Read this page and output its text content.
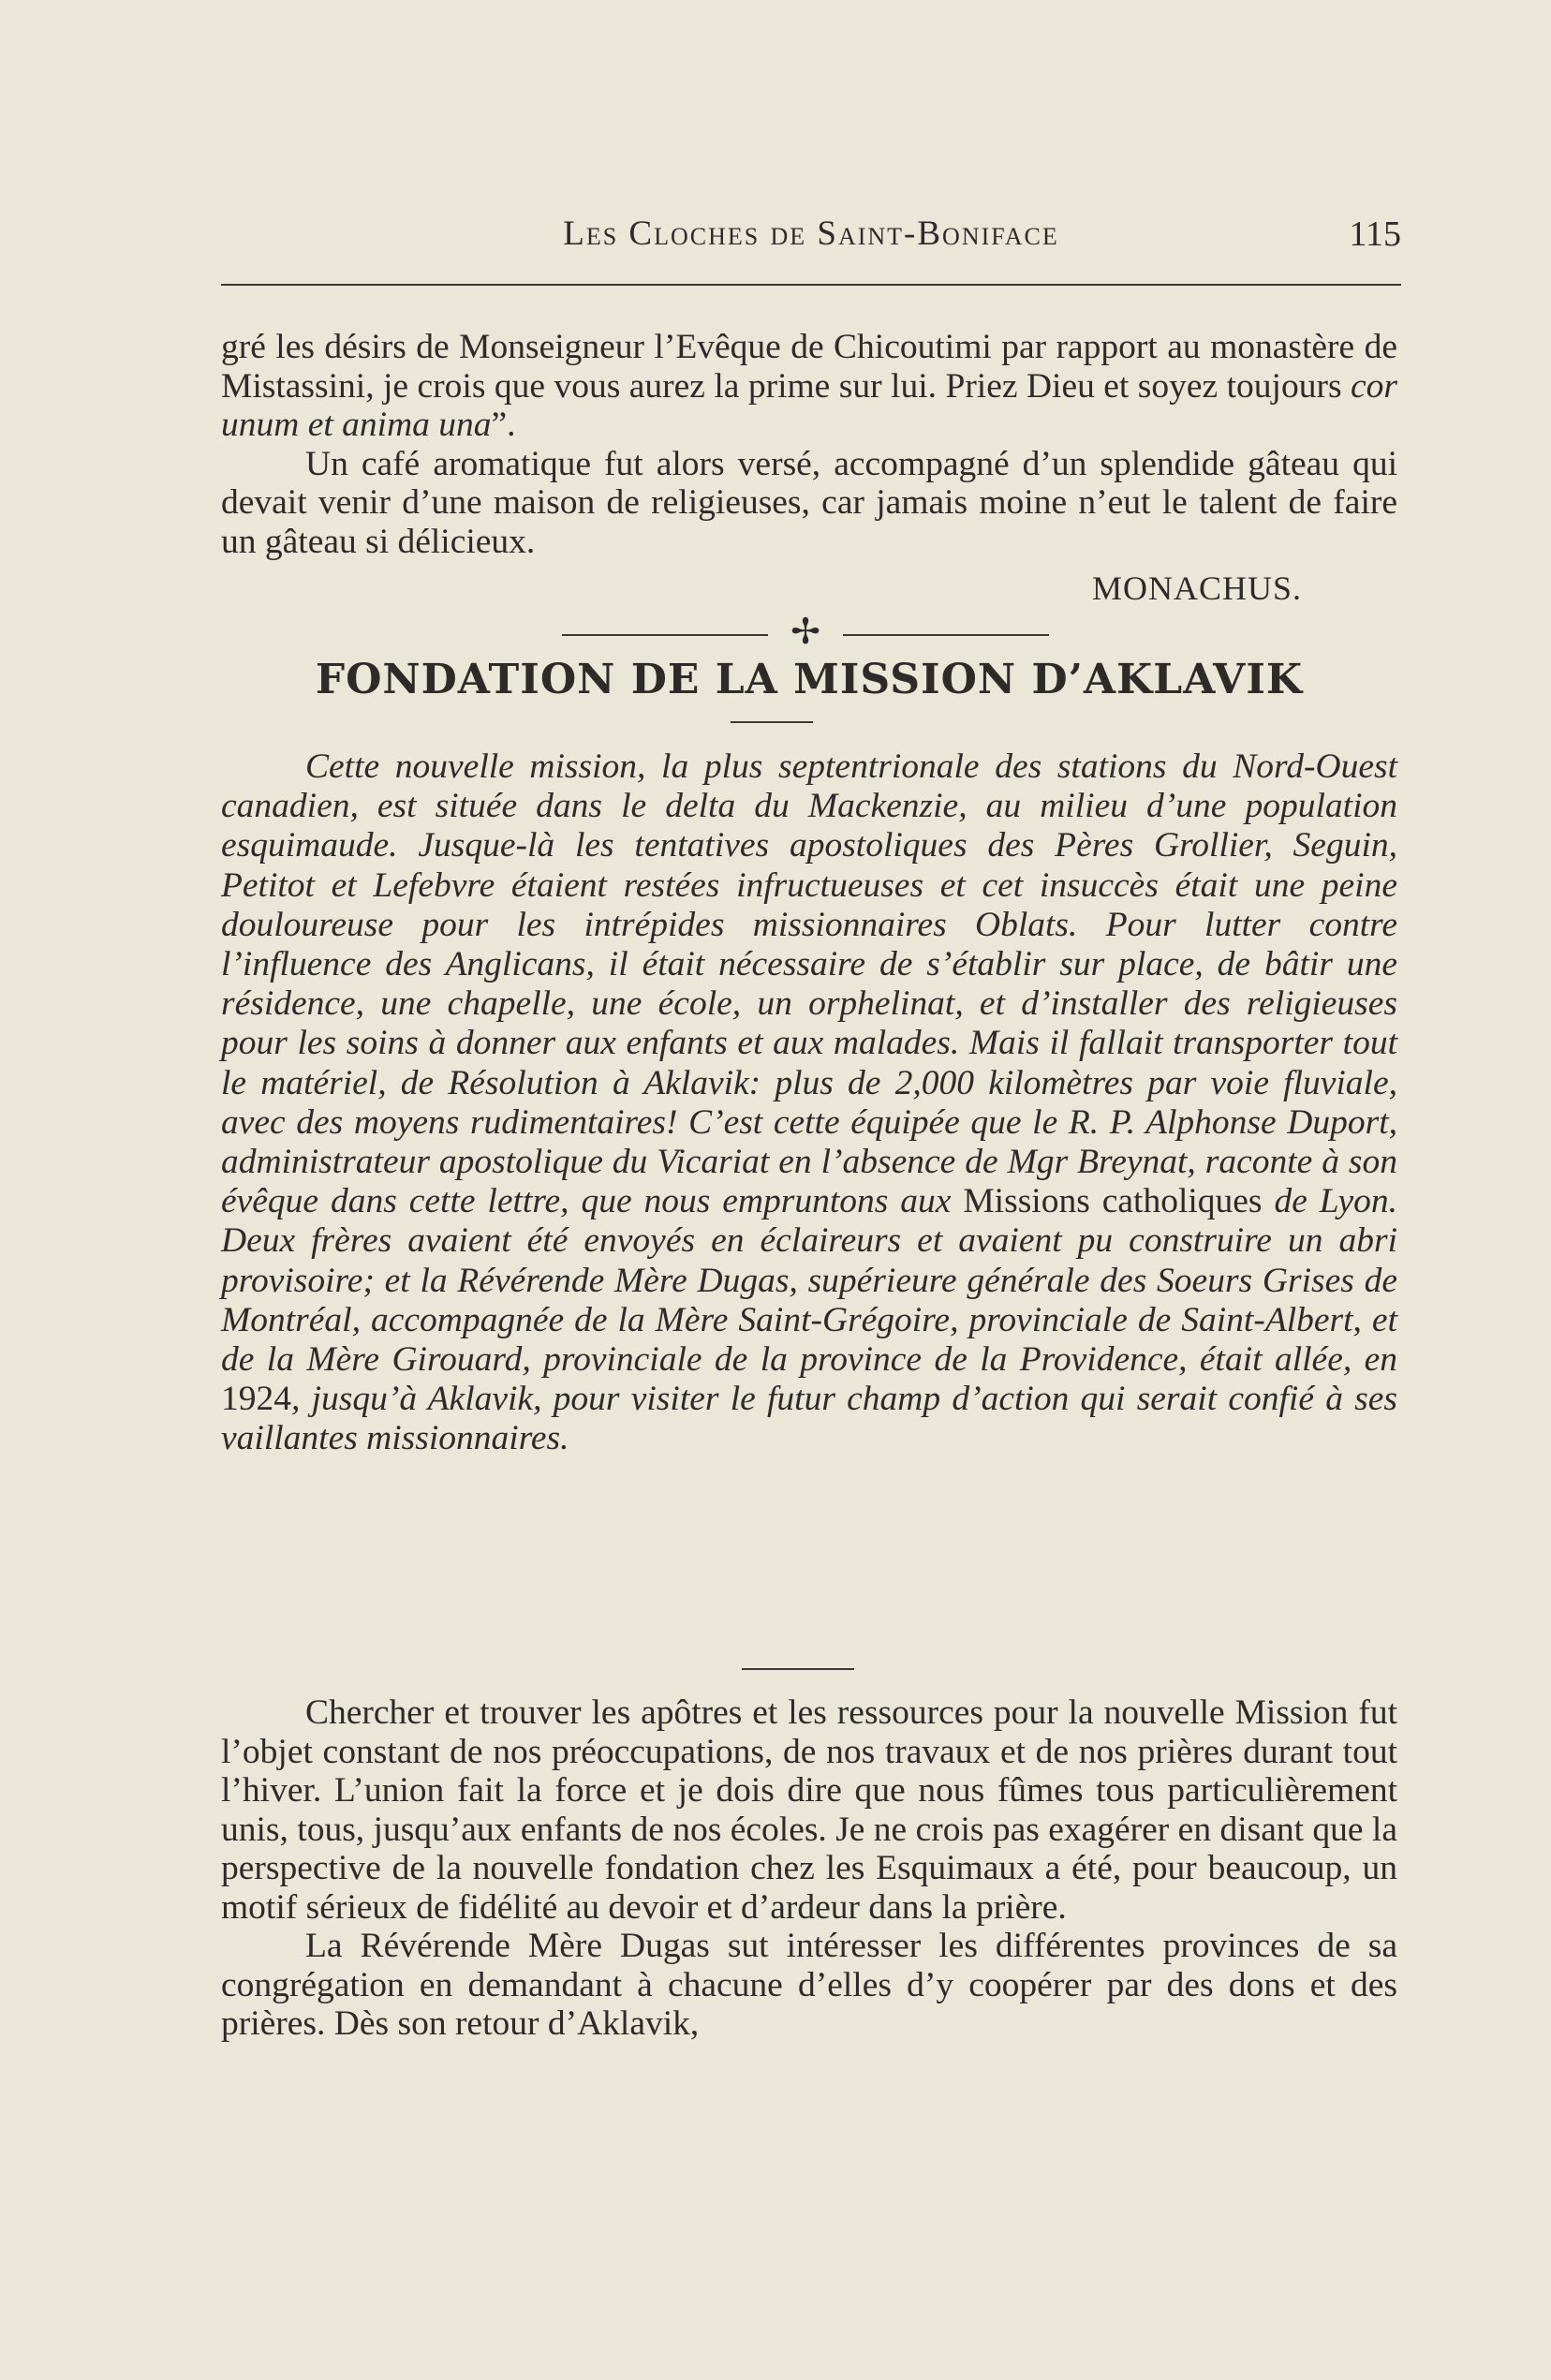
Les Cloches de Saint-Boniface	115

gré les désirs de Monseigneur l’Evêque de Chicoutimi par rapport au monastère de Mistassini, je crois que vous aurez la prime sur lui. Priez Dieu et soyez toujours cor unum et anima una”.

Un café aromatique fut alors versé, accompagné d’un splendide gâteau qui devait venir d’une maison de religieuses, car jamais moine n’eut le talent de faire un gâteau si délicieux.

MONACHUS.
✢
FONDATION DE LA MISSION D’AKLAVIK

Cette nouvelle mission, la plus septentrionale des stations du Nord-Ouest canadien, est située dans le delta du Mackenzie, au milieu d’une population esquimaude. Jusque-là les tentatives apostoliques des Pères Grollier, Seguin, Petitot et Lefebvre étaient restées infructueuses et cet insuccès était une peine douloureuse pour les intrépides missionnaires Oblats. Pour lutter contre l’influence des Anglicans, il était nécessaire de s’établir sur place, de bâtir une résidence, une chapelle, une école, un orphelinat, et d’installer des religieuses pour les soins à donner aux enfants et aux malades. Mais il fallait transporter tout le matériel, de Résolution à Aklavik: plus de 2,000 kilomètres par voie fluviale, avec des moyens rudimentaires! C’est cette équipée que le R. P. Alphonse Duport, administrateur apostolique du Vicariat en l’absence de Mgr Breynat, raconte à son évêque dans cette lettre, que nous empruntons aux Missions catholiques de Lyon. Deux frères avaient été envoyés en éclaireurs et avaient pu construire un abri provisoire; et la Révérende Mère Dugas, supérieure générale des Soeurs Grises de Montréal, accompagnée de la Mère Saint-Grégoire, provinciale de Saint-Albert, et de la Mère Girouard, provinciale de la province de la Providence, était allée, en 1924, jusqu’à Aklavik, pour visiter le futur champ d’action qui serait confié à ses vaillantes missionnaires.

Chercher et trouver les apôtres et les ressources pour la nouvelle Mission fut l’objet constant de nos préoccupations, de nos travaux et de nos prières durant tout l’hiver. L’union fait la force et je dois dire que nous fûmes tous particulièrement unis, tous, jusqu’aux enfants de nos écoles. Je ne crois pas exagérer en disant que la perspective de la nouvelle fondation chez les Esquimaux a été, pour beaucoup, un motif sérieux de fidélité au devoir et d’ardeur dans la prière.

La Révérende Mère Dugas sut intéresser les différentes provinces de sa congrégation en demandant à chacune d’elles d’y coopérer par des dons et des prières. Dès son retour d’Aklavik,
